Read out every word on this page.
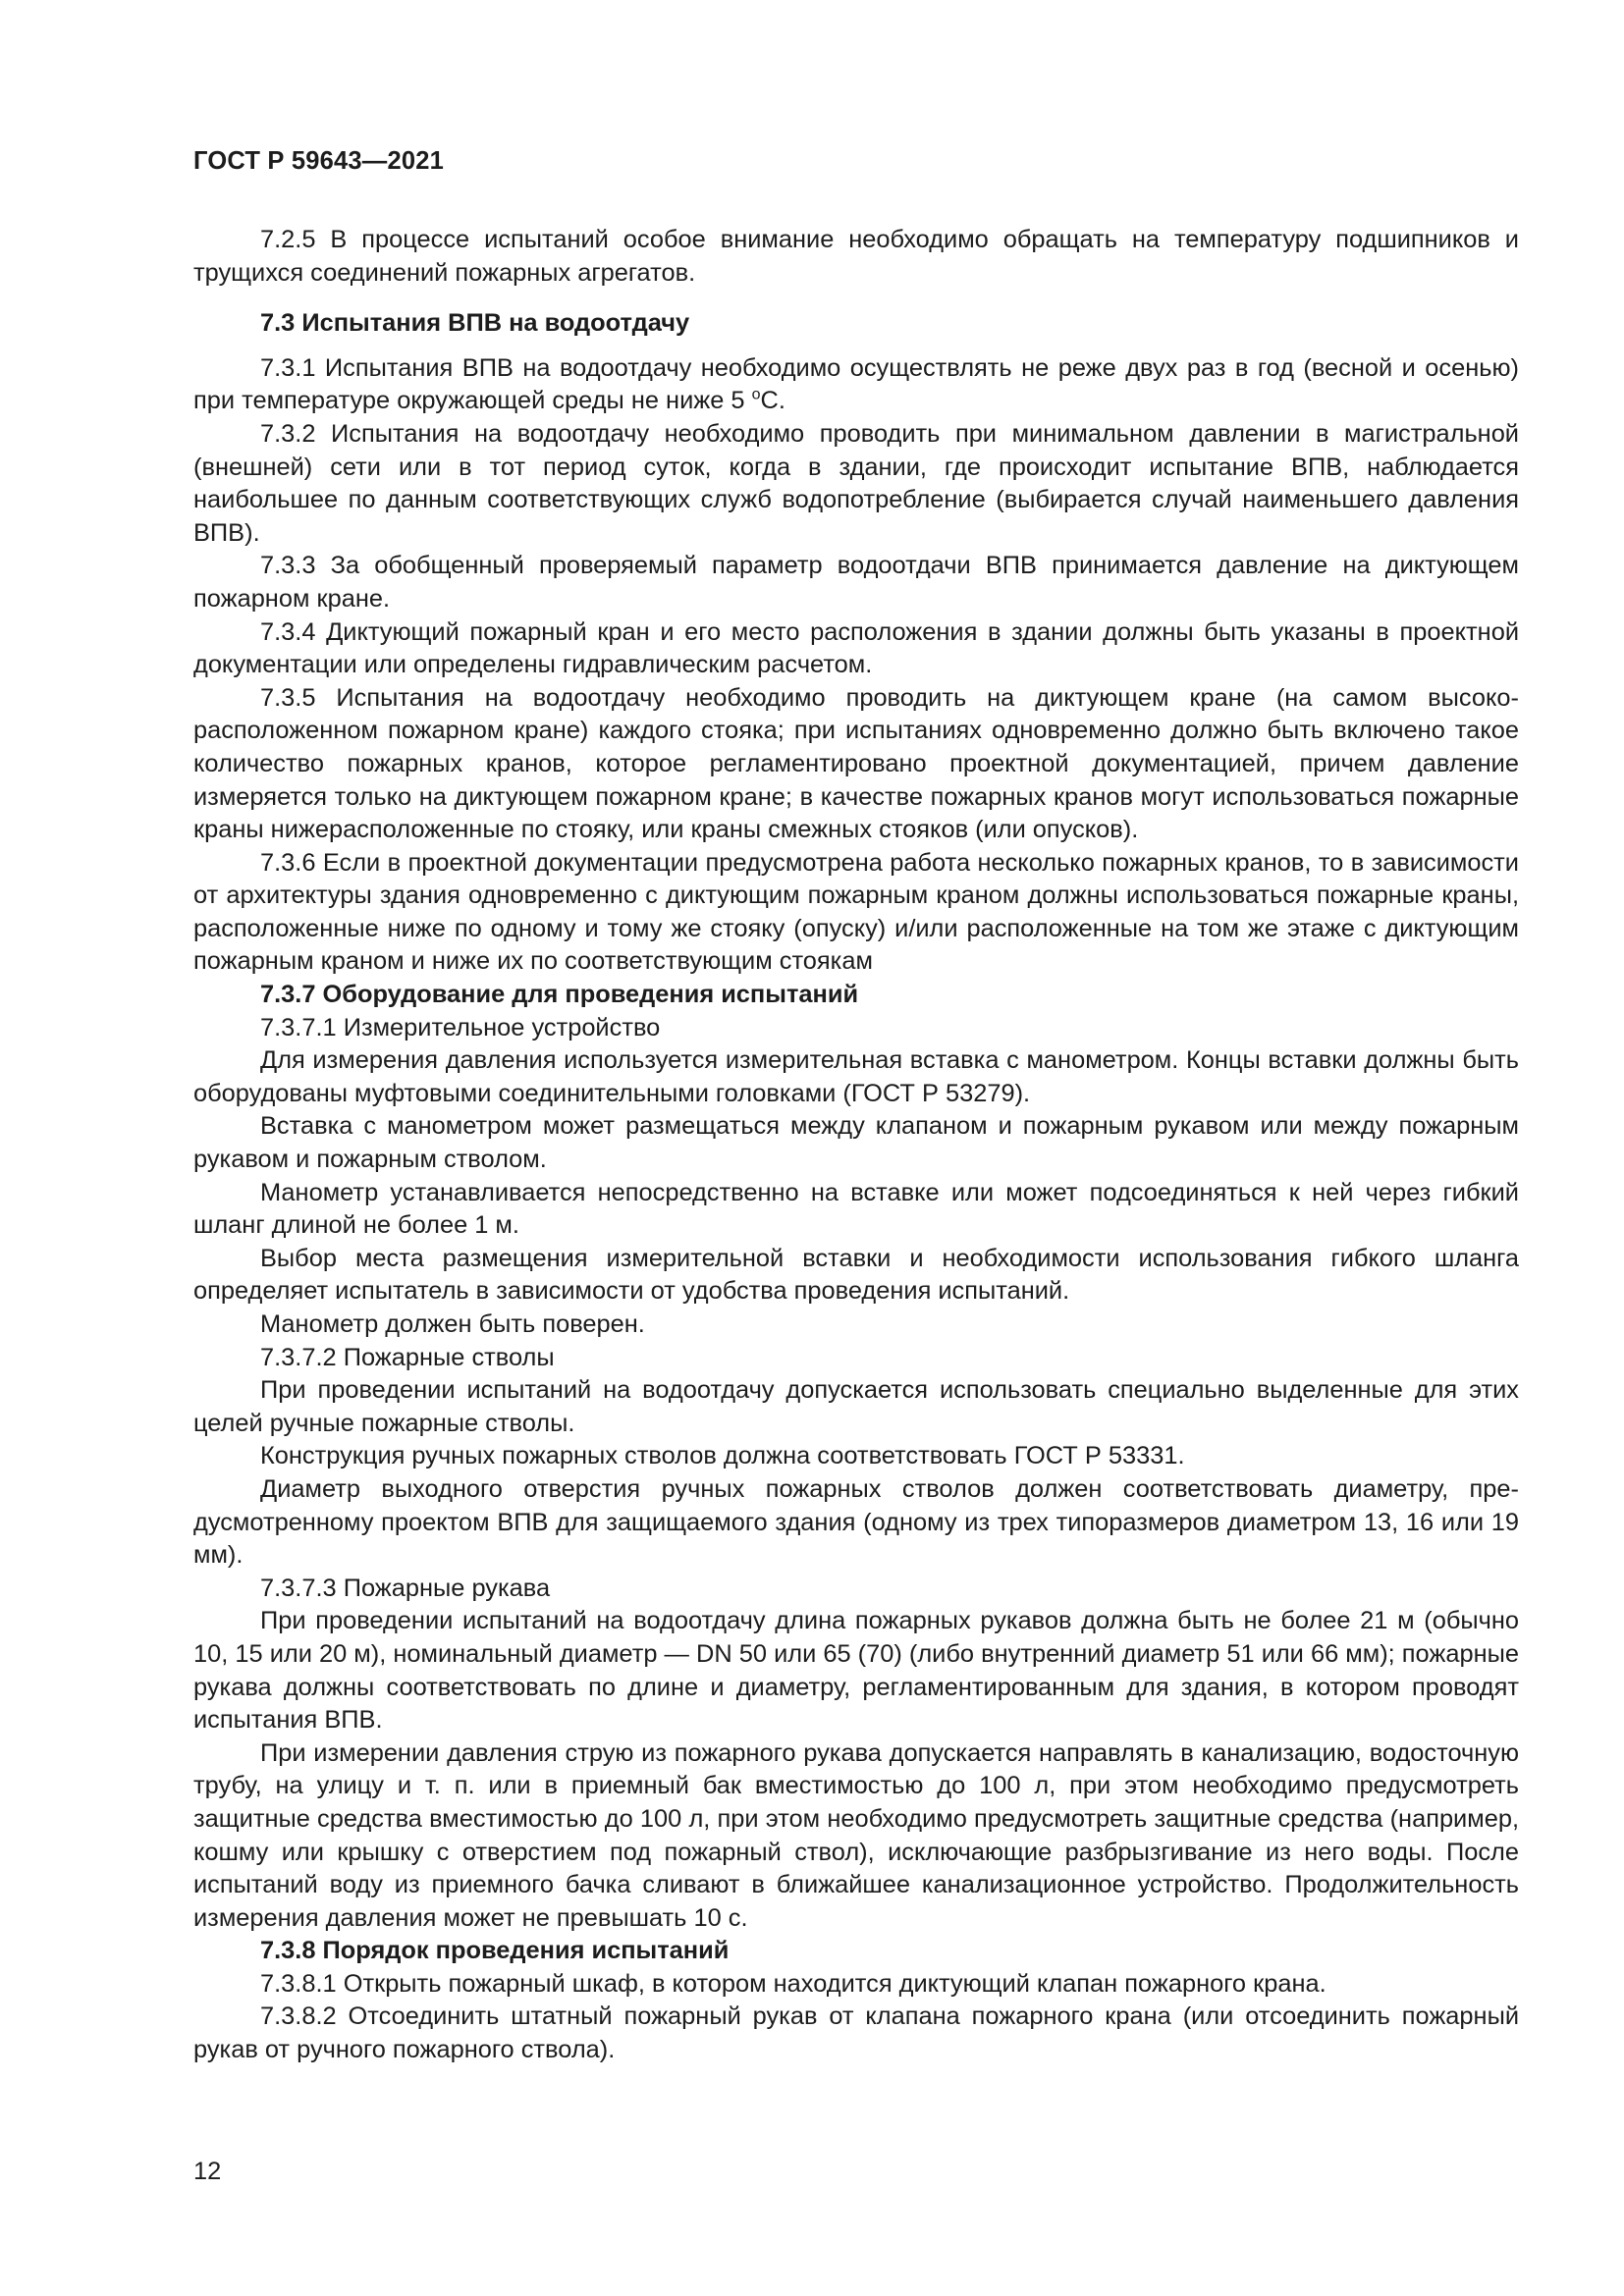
ГОСТ Р 59643—2021

7.2.5 В процессе испытаний особое внимание необходимо обращать на температуру подшипников и трущихся соединений пожарных агрегатов.

7.3 Испытания ВПВ на водоотдачу

7.3.1 Испытания ВПВ на водоотдачу необходимо осуществлять не реже двух раз в год (весной и осенью) при температуре окружающей среды не ниже 5 $^о$С.

7.3.2 Испытания на водоотдачу необходимо проводить при минимальном давлении в магистральной (внешней) сети или в тот период суток, когда в здании, где происходит испытание ВПВ, наблюдается наибольшее по данным соответствующих служб водопотребление (выбирается случай наименьшего давления ВПВ).

7.3.3 За обобщенный проверяемый параметр водоотдачи ВПВ принимается давление на диктующем пожарном кране.

7.3.4 Диктующий пожарный кран и его место расположения в здании должны быть указаны в проектной документации или определены гидравлическим расчетом.

7.3.5 Испытания на водоотдачу необходимо проводить на диктующем кране (на самом высокорасположенном пожарном кране) каждого стояка; при испытаниях одновременно должно быть включено такое количество пожарных кранов, которое регламентировано проектной документацией, причем давление измеряется только на диктующем пожарном кране; в качестве пожарных кранов могут использоваться пожарные краны нижерасположенные по стояку, или краны смежных стояков (или опусков).

7.3.6 Если в проектной документации предусмотрена работа несколько пожарных кранов, то в зависимости от архитектуры здания одновременно с диктующим пожарным краном должны использоваться пожарные краны, расположенные ниже по одному и тому же стояку (опуску) и/или расположенные на том же этаже с диктующим пожарным краном и ниже их по соответствующим стоякам

7.3.7 Оборудование для проведения испытаний

7.3.7.1 Измерительное устройство

Для измерения давления используется измерительная вставка с манометром. Концы вставки должны быть оборудованы муфтовыми соединительными головками (ГОСТ Р 53279).

Вставка с манометром может размещаться между клапаном и пожарным рукавом или между пожарным рукавом и пожарным стволом.

Манометр устанавливается непосредственно на вставке или может подсоединяться к ней через гибкий шланг длиной не более 1 м.

Выбор места размещения измерительной вставки и необходимости использования гибкого шланга определяет испытатель в зависимости от удобства проведения испытаний.

Манометр должен быть поверен.

7.3.7.2 Пожарные стволы

При проведении испытаний на водоотдачу допускается использовать специально выделенные для этих целей ручные пожарные стволы.

Конструкция ручных пожарных стволов должна соответствовать ГОСТ Р 53331.

Диаметр выходного отверстия ручных пожарных стволов должен соответствовать диаметру, предусмотренному проектом ВПВ для защищаемого здания (одному из трех типоразмеров диаметром 13, 16 или 19 мм).

7.3.7.3 Пожарные рукава

При проведении испытаний на водоотдачу длина пожарных рукавов должна быть не более 21 м (обычно 10, 15 или 20 м), номинальный диаметр — DN 50 или 65 (70) (либо внутренний диаметр 51 или 66 мм); пожарные рукава должны соответствовать по длине и диаметру, регламентированным для здания, в котором проводят испытания ВПВ.

При измерении давления струю из пожарного рукава допускается направлять в канализацию, водосточную трубу, на улицу и т. п. или в приемный бак вместимостью до 100 л, при этом необходимо предусмотреть защитные средства вместимостью до 100 л, при этом необходимо предусмотреть защитные средства (например, кошму или крышку с отверстием под пожарный ствол), исключающие разбрызгивание из него воды. После испытаний воду из приемного бачка сливают в ближайшее канализационное устройство. Продолжительность измерения давления может не превышать 10 с.

7.3.8 Порядок проведения испытаний

7.3.8.1 Открыть пожарный шкаф, в котором находится диктующий клапан пожарного крана.

7.3.8.2 Отсоединить штатный пожарный рукав от клапана пожарного крана (или отсоединить пожарный рукав от ручного пожарного ствола).

12
